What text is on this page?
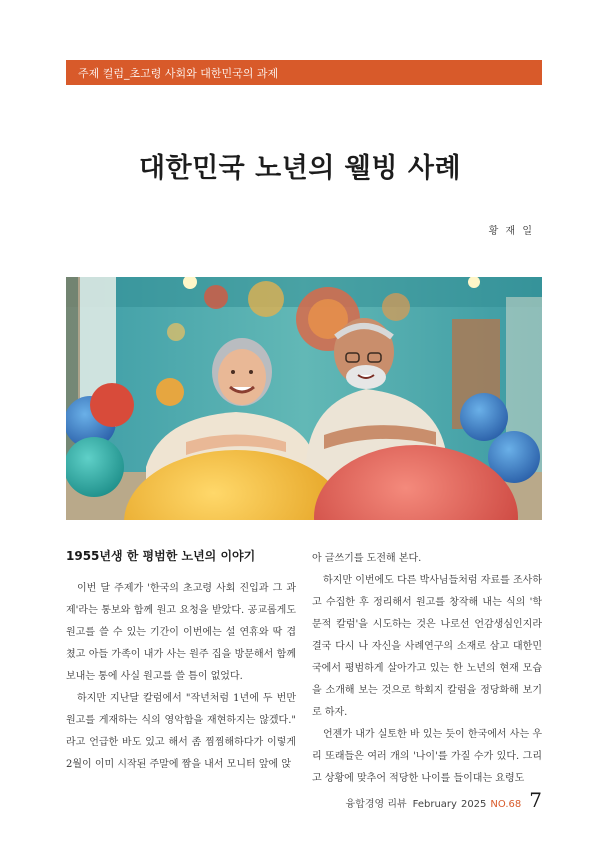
주제 컬럼_초고령 사회와 대한민국의 과제
대한민국 노년의 웰빙 사례
황 재 일
1955년생 한 평범한 노년의 이야기

이번 달 주제가 '한국의 초고령 사회 진입과 그 과제'라는 통보와 함께 원고 요청을 받았다. 공교롭게도 원고를 쓸 수 있는 기간이 이번에는 설 연휴와 딱 겹쳤고 아들 가족이 내가 사는 원주 집을 방문해서 함께 보내는 통에 사실 원고를 쓸 틈이 없었다.

하지만 지난달 칼럼에서 "작년처럼 1년에 두 번만 원고를 게재하는 식의 영악함을 재현하지는 않겠다." 라고 언급한 바도 있고 해서 좀 찜찜해하다가 이렇게 2월이 이미 시작된 주말에 짬을 내서 모니터 앞에 앉

아 글쓰기를 도전해 본다.

하지만 이번에도 다른 박사님들처럼 자료를 조사하고 수집한 후 정리해서 원고를 창작해 내는 식의 '학문적 칼럼'을 시도하는 것은 나로선 언감생심인지라 결국 다시 나 자신을 사례연구의 소재로 삼고 대한민국에서 평범하게 살아가고 있는 한 노년의 현재 모습을 소개해 보는 것으로 학회지 칼럼을 정당화해 보기로 하자.

언젠가 내가 실토한 바 있는 듯이 한국에서 사는 우리 또래들은 여러 개의 '나이'를 가질 수가 있다. 그리고 상황에 맞추어 적당한 나이를 들이대는 요령도

융합경영 리뷰 February 2025 NO.68 7
